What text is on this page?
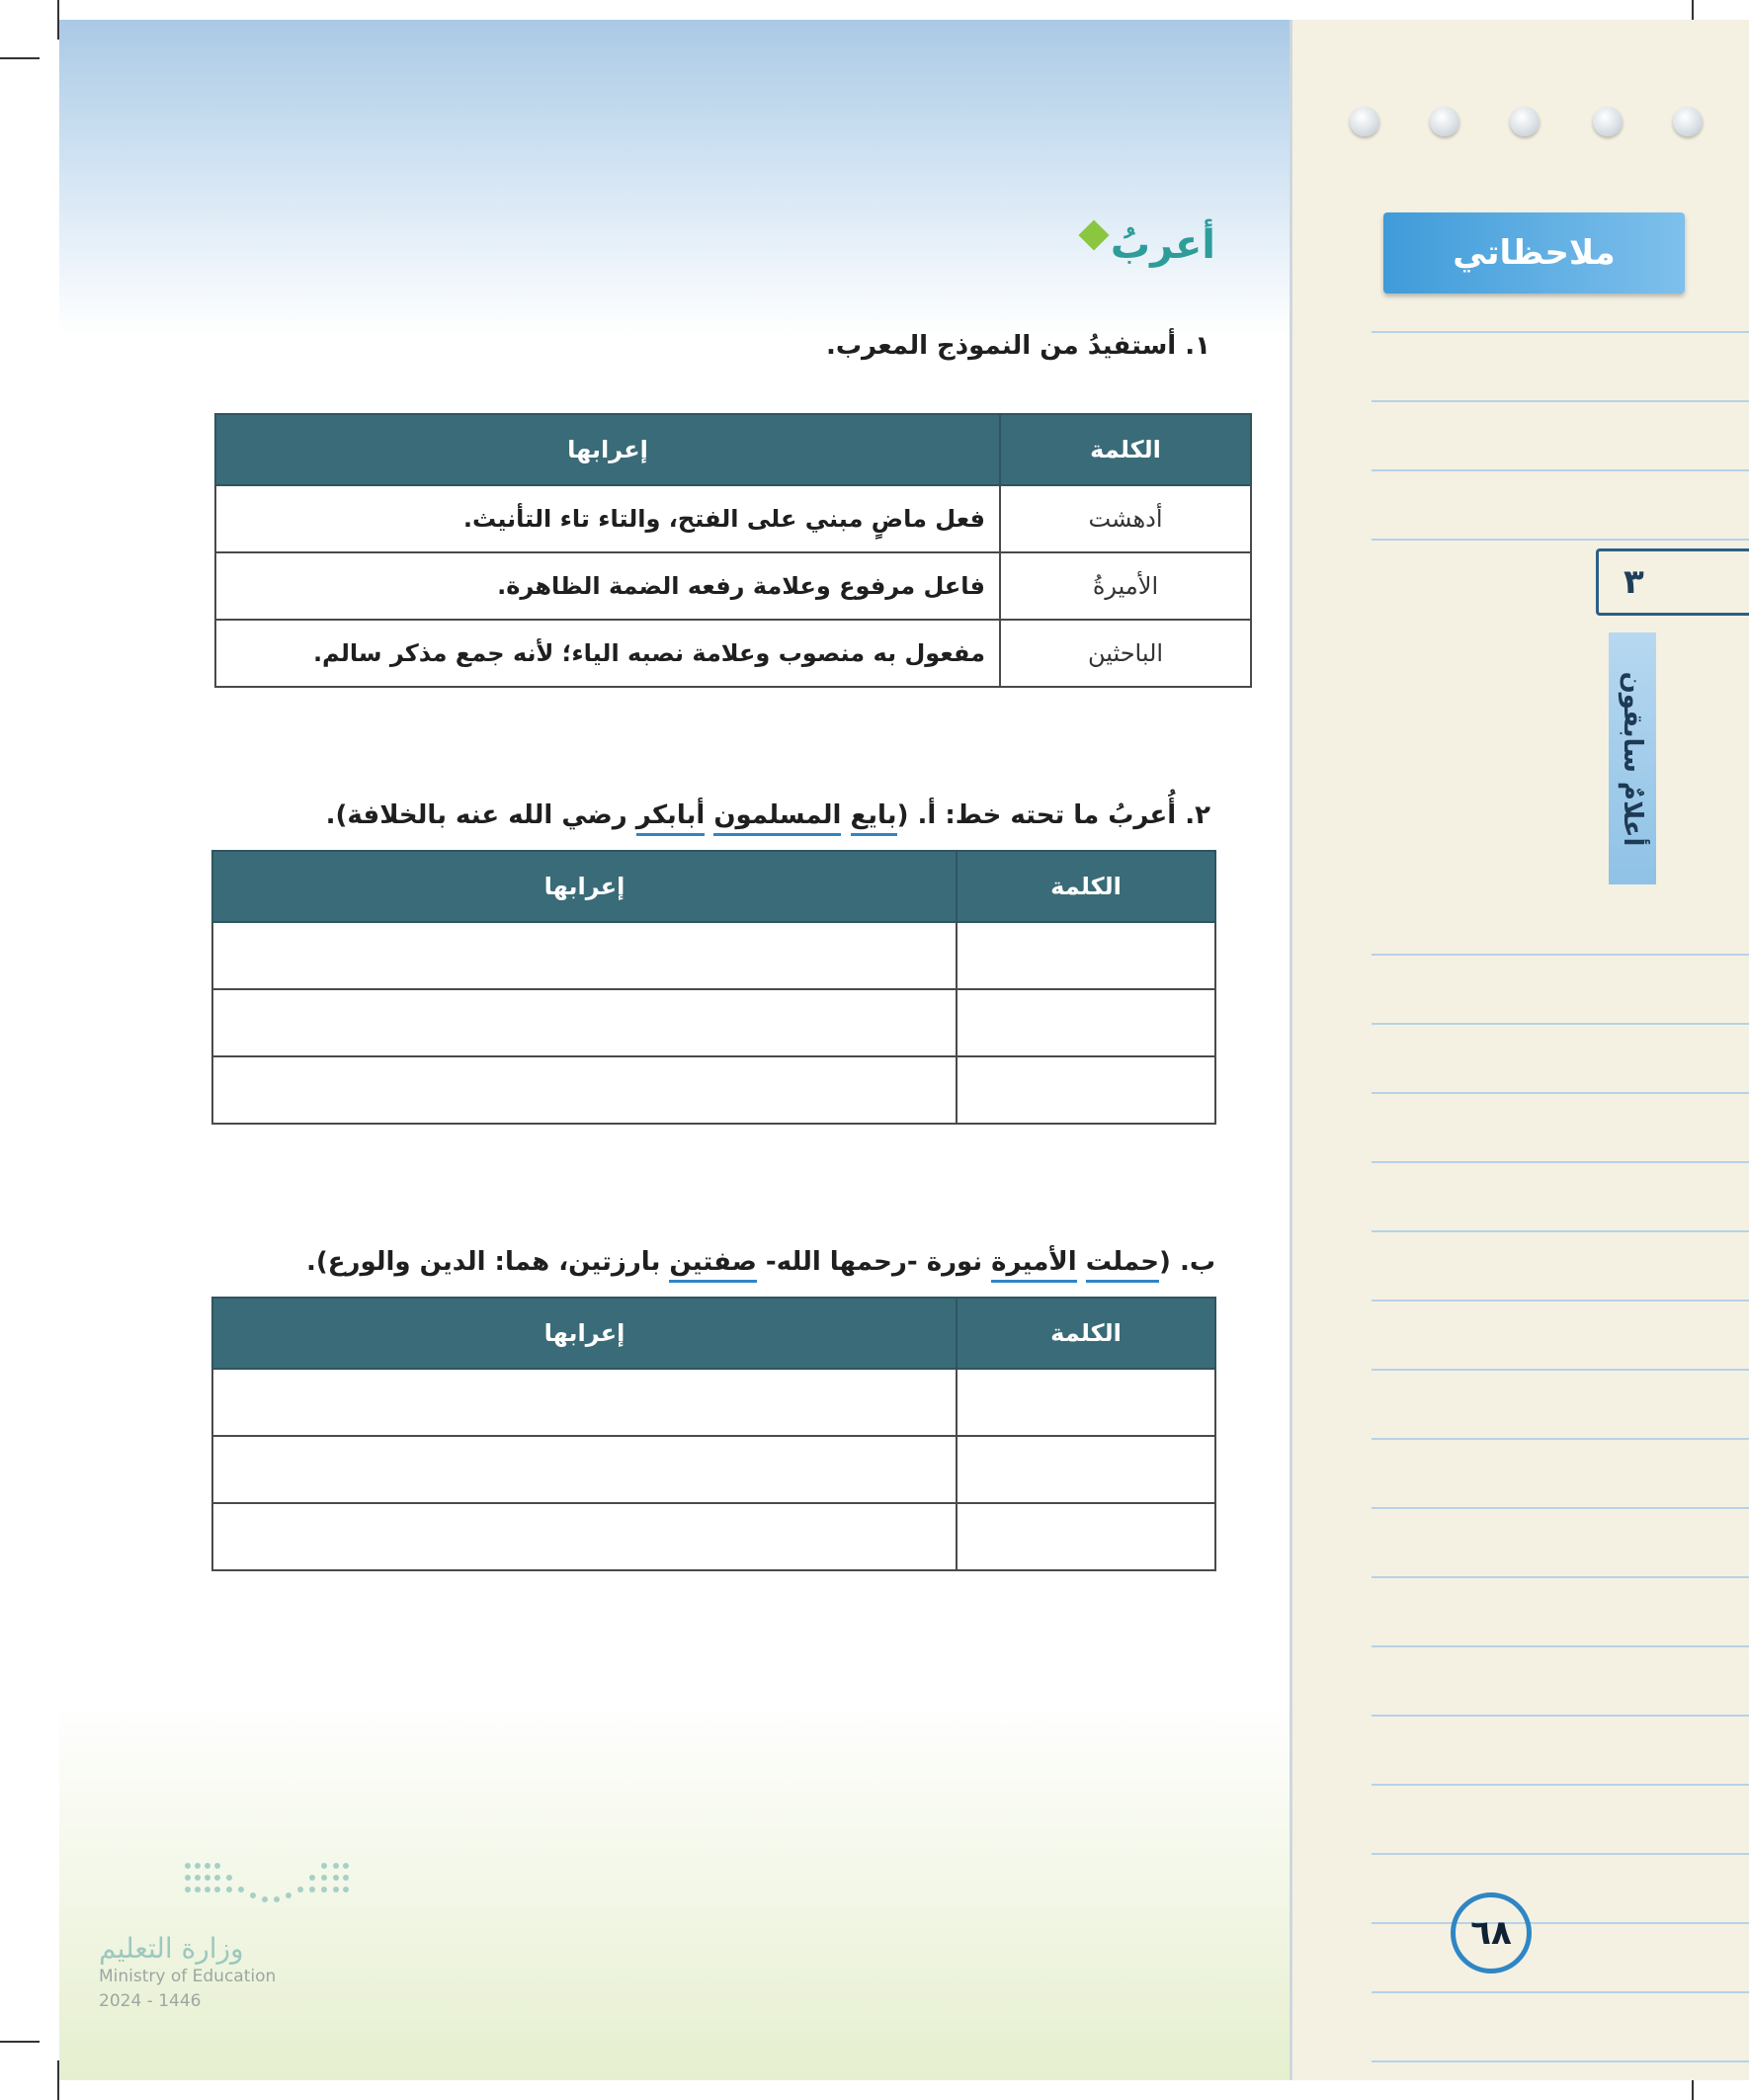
ملاحظاتي
٣
أعلامٌ سابقون
٦٨
أعربُ
١. أستفيدُ من النموذج المعرب.
الكلمة	إعرابها
أدهشت	فعل ماضٍ مبني على الفتح، والتاء تاء التأنيث.
الأميرةُ	فاعل مرفوع وعلامة رفعه الضمة الظاهرة.
الباحثين	مفعول به منصوب وعلامة نصبه الياء؛ لأنه جمع مذكر سالم.
٢. أُعربُ ما تحته خط: أ. (بايع المسلمون أبابكر رضي الله عنه بالخلافة).
الكلمة	إعرابها

ب. (حملت الأميرة نورة -رحمها الله- صفتين بارزتين، هما: الدين والورع).
الكلمة	إعرابها

وزارة التعليم
Ministry of Education
2024 - 1446
